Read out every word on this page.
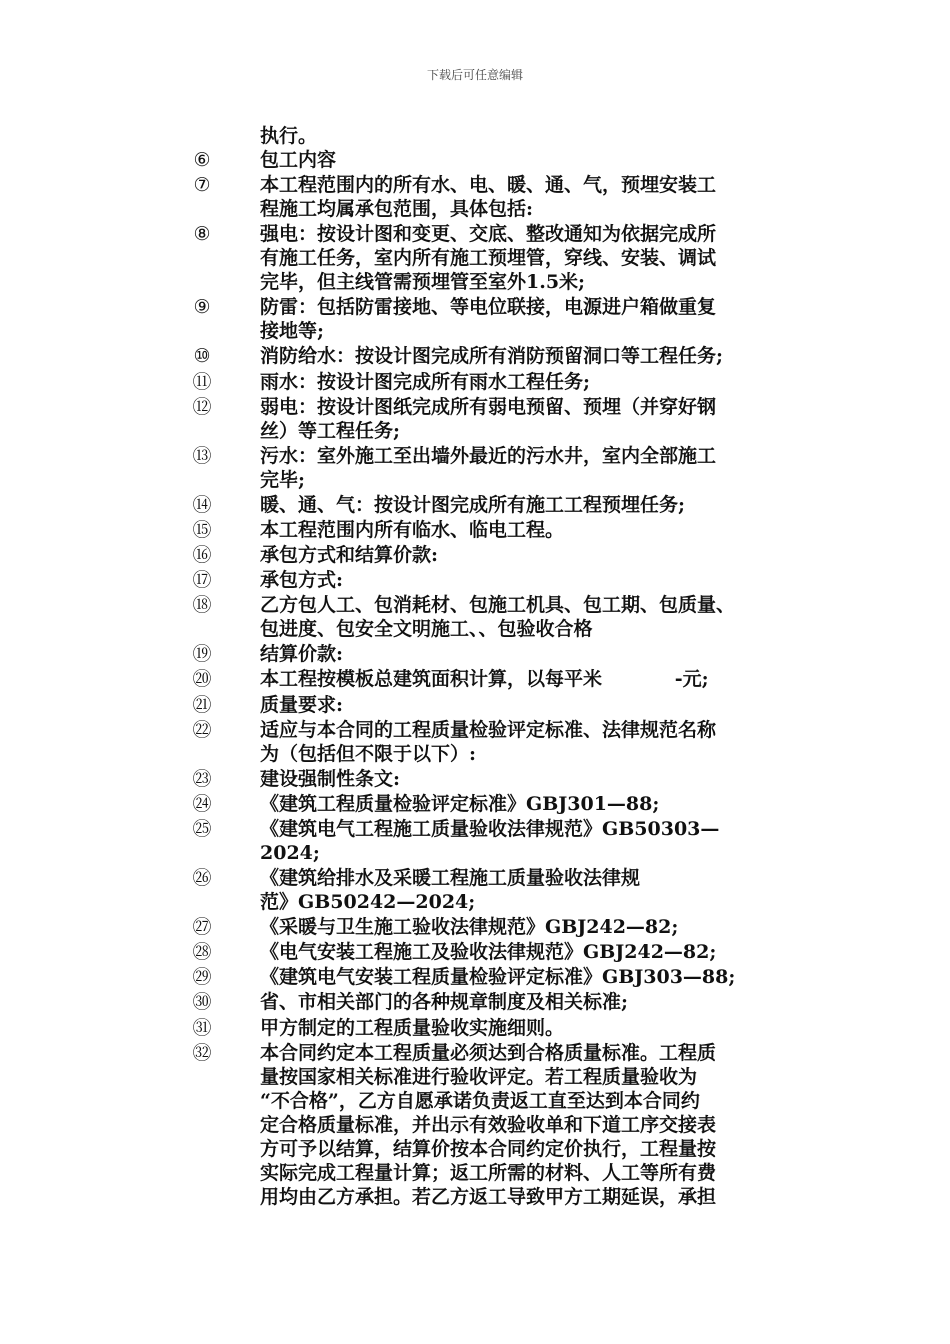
下载后可任意编辑
执行。
⑥	包工内容
⑦	本工程范围内的所有水、电、暖、通、气，预埋安装工
程施工均属承包范围，具体包括:
⑧	强电：按设计图和变更、交底、整改通知为依据完成所
有施工任务，室内所有施工预埋管，穿线、安装、调试
完毕，但主线管需预埋管至室外1.5米;
⑨	防雷：包括防雷接地、等电位联接，电源进户箱做重复
接地等;
⑩	消防给水：按设计图完成所有消防预留洞口等工程任务;
⑪	雨水：按设计图完成所有雨水工程任务;
⑫	弱电：按设计图纸完成所有弱电预留、预埋（并穿好钢
丝）等工程任务;
⑬	污水：室外施工至出墙外最近的污水井，室内全部施工
完毕;
⑭	暖、通、气：按设计图完成所有施工工程预埋任务;
⑮	本工程范围内所有临水、临电工程。
⑯	承包方式和结算价款:
⑰	承包方式:
⑱	乙方包人工、包消耗材、包施工机具、包工期、包质量、
包进度、包安全文明施工、、包验收合格
⑲	结算价款:
⑳	本工程按模板总建筑面积计算，以每平米           -元;
㉑	质量要求:
㉒	适应与本合同的工程质量检验评定标准、法律规范名称
为（包括但不限于以下）:
㉓	建设强制性条文:
㉔	《建筑工程质量检验评定标准》GBJ301—88;
㉕	《建筑电气工程施工质量验收法律规范》GB50303—
2024;
㉖	《建筑给排水及采暖工程施工质量验收法律规
范》GB50242—2024;
㉗	《采暖与卫生施工验收法律规范》GBJ242—82;
㉘	《电气安装工程施工及验收法律规范》GBJ242—82;
㉙	《建筑电气安装工程质量检验评定标准》GBJ303—88;
㉚	省、市相关部门的各种规章制度及相关标准;
㉛	甲方制定的工程质量验收实施细则。
㉜	本合同约定本工程质量必须达到合格质量标准。工程质
量按国家相关标准进行验收评定。若工程质量验收为
“不合格”，乙方自愿承诺负责返工直至达到本合同约
定合格质量标准，并出示有效验收单和下道工序交接表
方可予以结算，结算价按本合同约定价执行，工程量按
实际完成工程量计算；返工所需的材料、人工等所有费
用均由乙方承担。若乙方返工导致甲方工期延误，承担
